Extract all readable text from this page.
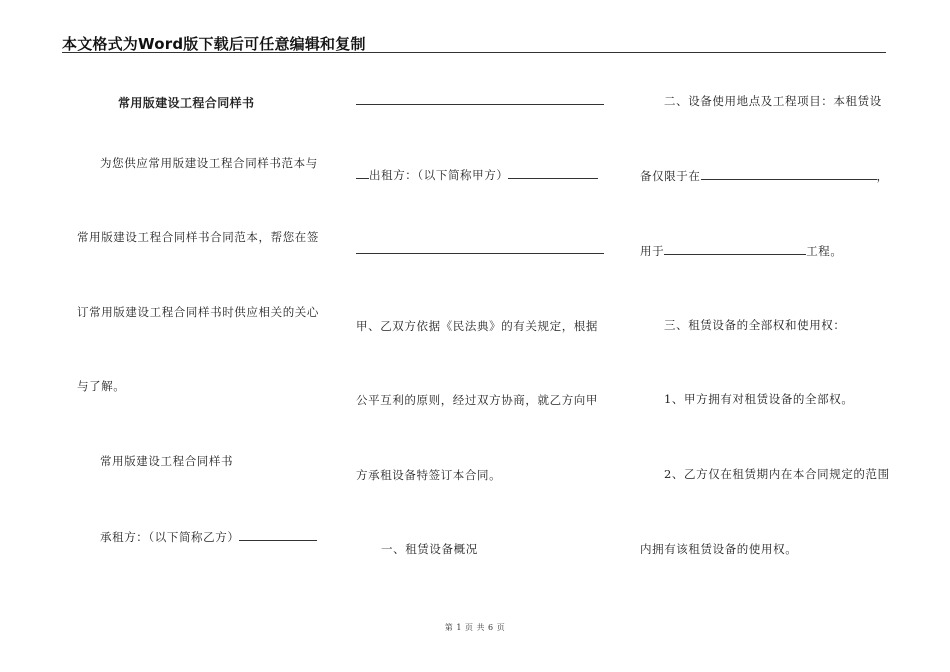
本文格式为Word版下载后可任意编辑和复制
常用版建设工程合同样书
为您供应常用版建设工程合同样书范本与
常用版建设工程合同样书合同范本，帮您在签
订常用版建设工程合同样书时供应相关的关心
与了解。
常用版建设工程合同样书
承租方：（以下简称乙方）
出租方：（以下简称甲方）
甲、乙双方依据《民法典》的有关规定，根据
公平互利的原则，经过双方协商，就乙方向甲
方承租设备特签订本合同。
一、租赁设备概况
二、设备使用地点及工程项目：本租赁设
备仅限于在	，
用于	工程。
三、租赁设备的全部权和使用权：
1、甲方拥有对租赁设备的全部权。
2、乙方仅在租赁期内在本合同规定的范围
内拥有该租赁设备的使用权。
第 1 页 共 6 页
